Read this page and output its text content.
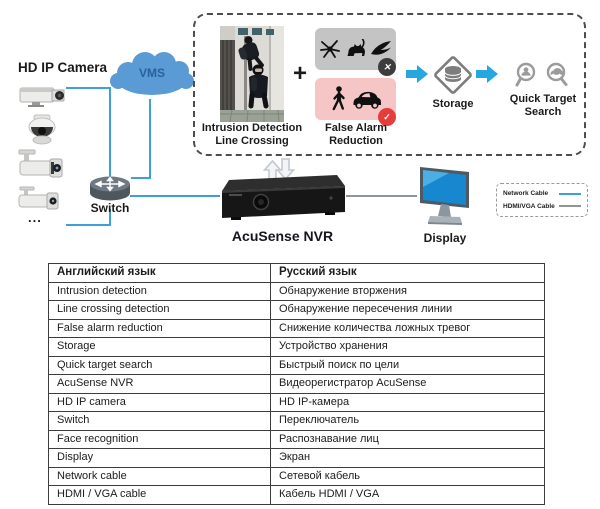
HD IP Camera
...
VMS
Switch
Intrusion Detection
Line Crossing
+	✕
✓
False Alarm
Reduction
Storage	Quick Target
Search
AcuSense NVR	Display
Network Cable
HDMI/VGA Cable
Английский язык	Русский язык
Intrusion detection	Обнаружение вторжения
Line crossing detection	Обнаружение пересечения линии
False alarm reduction	Снижение количества ложных тревог
Storage	Устройство хранения
Quick target search	Быстрый поиск по цели
AcuSense NVR	Видеорегистратор AcuSense
HD IP camera	HD IP-камера
Switch	Переключатель
Face recognition	Распознавание лиц
Display	Экран
Network cable	Сетевой кабель
HDMI / VGA cable	Кабель HDMI / VGA
